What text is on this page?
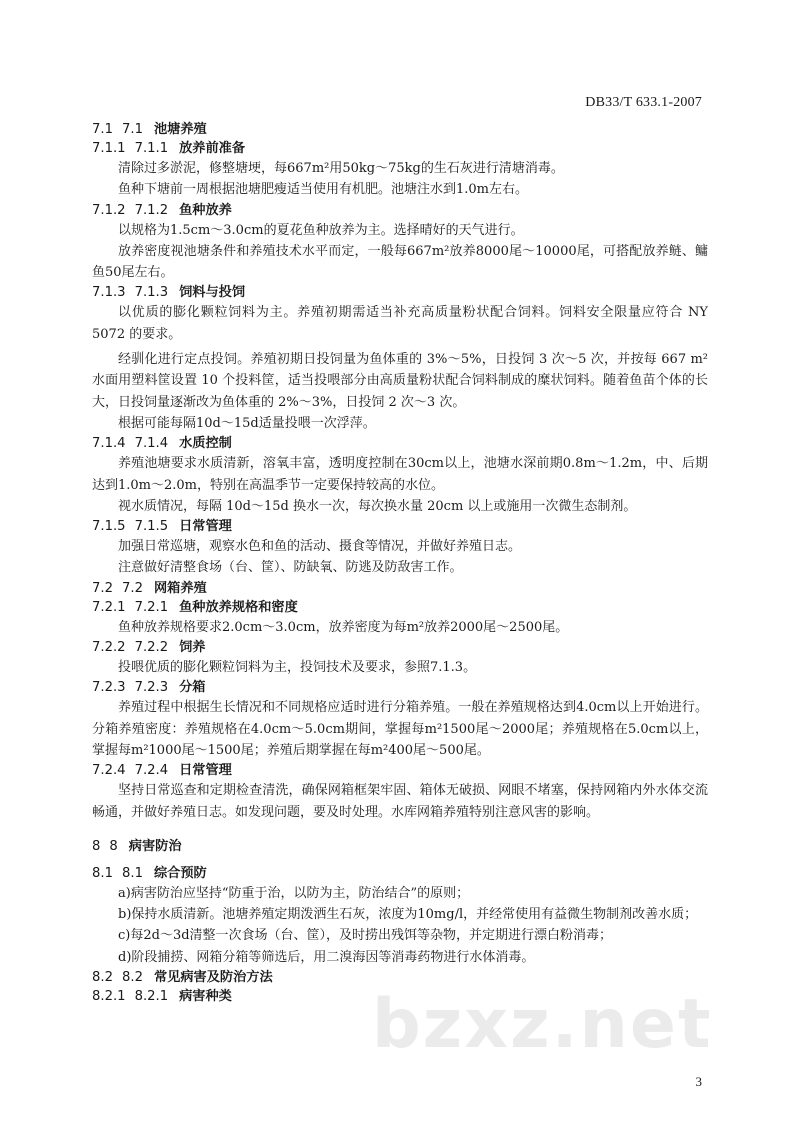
DB33/T 633.1-2007
7.1 7.1 池塘养殖
7.1.1 7.1.1 放养前准备

清除过多淤泥，修整塘埂，每667m²用50kg～75kg的生石灰进行清塘消毒。

鱼种下塘前一周根据池塘肥瘦适当使用有机肥。池塘注水到1.0m左右。

7.1.2 7.1.2 鱼种放养

以规格为1.5cm～3.0cm的夏花鱼种放养为主。选择晴好的天气进行。

放养密度视池塘条件和养殖技术水平而定，一般每667m²放养8000尾～10000尾，可搭配放养鲢、鳙鱼50尾左右。

7.1.3 7.1.3 饲料与投饲

以优质的膨化颗粒饲料为主。养殖初期需适当补充高质量粉状配合饲料。饲料安全限量应符合 NY 5072 的要求。

经驯化进行定点投饲。养殖初期日投饲量为鱼体重的 3%～5%，日投饲 3 次～5 次，并按每 667 m² 水面用塑料筐设置 10 个投料筐，适当投喂部分由高质量粉状配合饲料制成的糜状饲料。随着鱼苗个体的长大，日投饲量逐渐改为鱼体重的 2%～3%，日投饲 2 次～3 次。

根据可能每隔10d～15d适量投喂一次浮萍。

7.1.4 7.1.4 水质控制

养殖池塘要求水质清新，溶氧丰富，透明度控制在30cm以上，池塘水深前期0.8m～1.2m，中、后期达到1.0m～2.0m，特别在高温季节一定要保持较高的水位。

视水质情况，每隔 10d～15d 换水一次，每次换水量 20cm 以上或施用一次微生态制剂。

7.1.5 7.1.5 日常管理

加强日常巡塘，观察水色和鱼的活动、摄食等情况，并做好养殖日志。

注意做好清整食场（台、筐）、防缺氧、防逃及防敌害工作。

7.2 7.2 网箱养殖
7.2.1 7.2.1 鱼种放养规格和密度

鱼种放养规格要求2.0cm～3.0cm，放养密度为每m²放养2000尾～2500尾。

7.2.2 7.2.2 饲养

投喂优质的膨化颗粒饲料为主，投饲技术及要求，参照7.1.3。

7.2.3 7.2.3 分箱

养殖过程中根据生长情况和不同规格应适时进行分箱养殖。一般在养殖规格达到4.0cm以上开始进行。分箱养殖密度：养殖规格在4.0cm～5.0cm期间，掌握每m²1500尾～2000尾；养殖规格在5.0cm以上，掌握每m²1000尾～1500尾；养殖后期掌握在每m²400尾～500尾。

7.2.4 7.2.4 日常管理

坚持日常巡查和定期检查清洗，确保网箱框架牢固、箱体无破损、网眼不堵塞，保持网箱内外水体交流畅通，并做好养殖日志。如发现问题，要及时处理。水库网箱养殖特别注意风害的影响。

8 8 病害防治
8.1 8.1 综合预防

a)病害防治应坚持“防重于治，以防为主，防治结合”的原则；

b)保持水质清新。池塘养殖定期泼洒生石灰，浓度为10mg/l，并经常使用有益微生物制剂改善水质；

c)每2d～3d清整一次食场（台、筐），及时捞出残饵等杂物，并定期进行漂白粉消毒；

d)阶段捕捞、网箱分箱等筛选后，用二溴海因等消毒药物进行水体消毒。

8.2 8.2 常见病害及防治方法
8.2.1 8.2.1 病害种类	bzxz.net
3
